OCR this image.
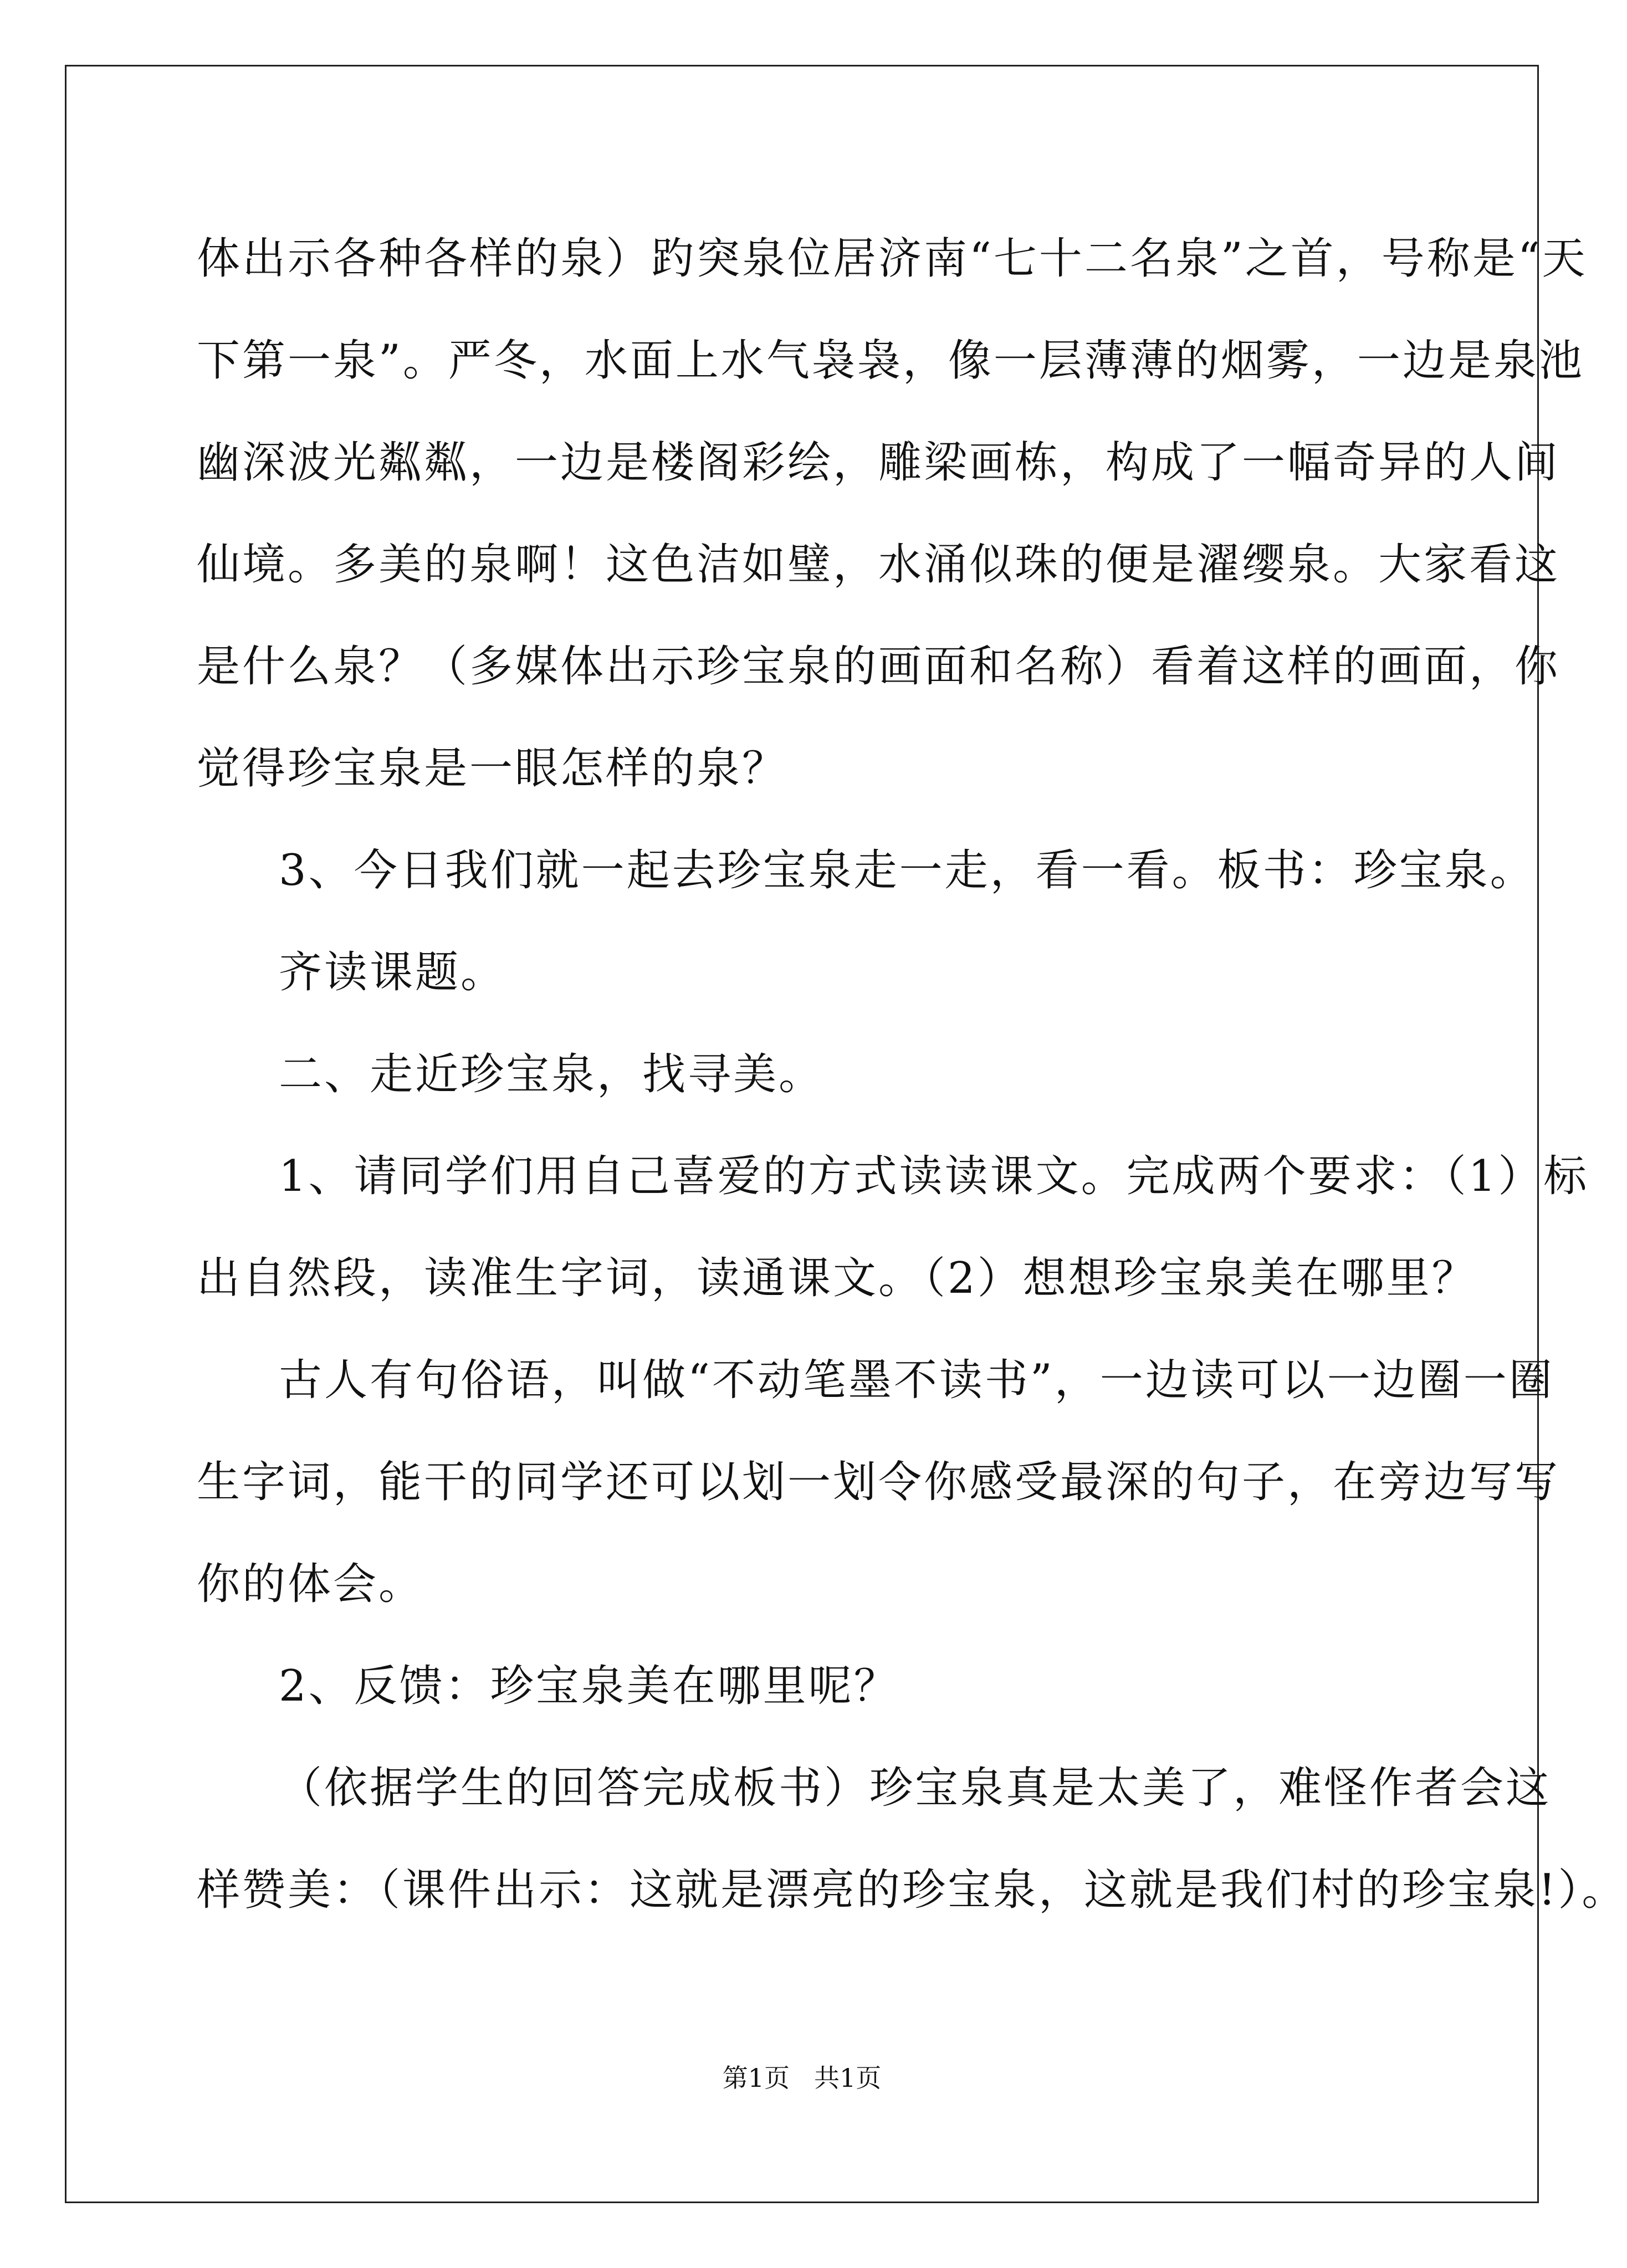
体出示各种各样的泉）趵突泉位居济南“七十二名泉”之首，号称是“天
下第一泉”。严冬，水面上水气袅袅，像一层薄薄的烟雾，一边是泉池
幽深波光粼粼，一边是楼阁彩绘，雕梁画栋，构成了一幅奇异的人间
仙境。多美的泉啊！这色洁如璧，水涌似珠的便是濯缨泉。大家看这
是什么泉？（多媒体出示珍宝泉的画面和名称）看着这样的画面，你
觉得珍宝泉是一眼怎样的泉？
3、今日我们就一起去珍宝泉走一走，看一看。板书：珍宝泉。
齐读课题。
二、走近珍宝泉，找寻美。
1、请同学们用自己喜爱的方式读读课文。完成两个要求：（1）标
出自然段，读准生字词，读通课文。（2）想想珍宝泉美在哪里？
古人有句俗语，叫做“不动笔墨不读书”，一边读可以一边圈一圈
生字词，能干的同学还可以划一划令你感受最深的句子，在旁边写写
你的体会。
2、反馈：珍宝泉美在哪里呢？
（依据学生的回答完成板书）珍宝泉真是太美了，难怪作者会这
样赞美：（课件出示：这就是漂亮的珍宝泉，这就是我们村的珍宝泉!）。
第1页 共1页
